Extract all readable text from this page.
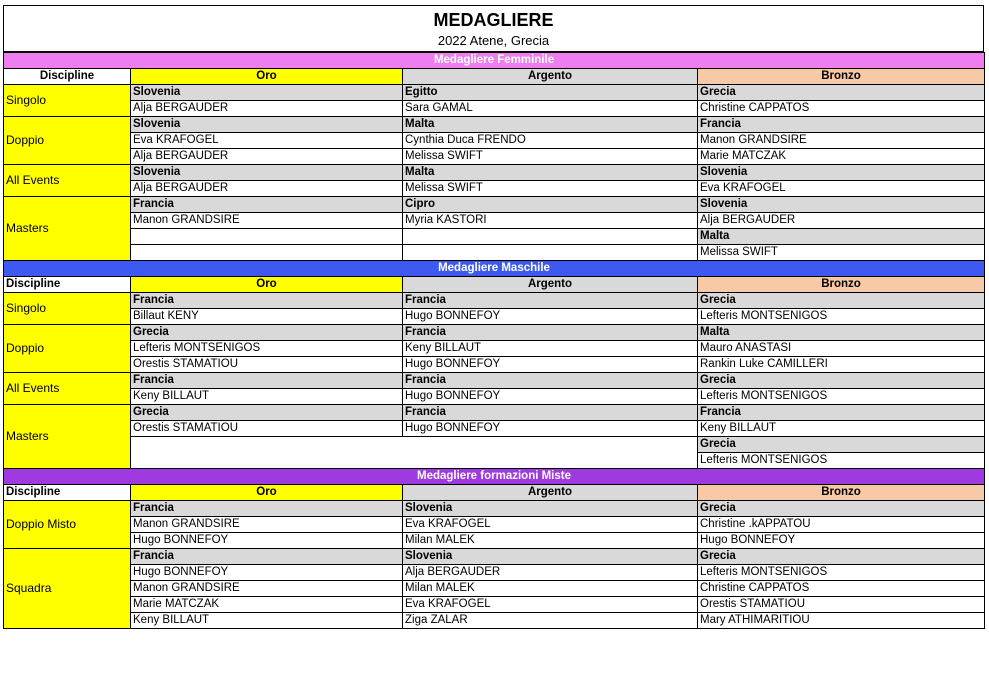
MEDAGLIERE
2022 Atene, Grecia
Medagliere Femminile			
Discipline	Oro	Argento	Bronzo
Singolo	Slovenia	Egitto	Grecia
	Alja BERGAUDER	Sara GAMAL	Christine CAPPATOS
Doppio	Slovenia	Malta	Francia
	Eva KRAFOGEL	Cynthia Duca FRENDO	Manon GRANDSIRE
	Alja BERGAUDER	Melissa SWIFT	Marie MATCZAK
All Events	Slovenia	Malta	Slovenia
	Alja BERGAUDER	Melissa SWIFT	Eva KRAFOGEL
Masters	Francia	Cipro	Slovenia
	Manon GRANDSIRE	Myria KASTORI	Alja BERGAUDER
			Malta
			Melissa SWIFT
Medagliere Maschile			
Discipline	Oro	Argento	Bronzo
Singolo	Francia	Francia	Grecia
	Billaut KENY	Hugo BONNEFOY	Lefteris MONTSENIGOS
Doppio	Grecia	Francia	Malta
	Lefteris MONTSENIGOS	Keny BILLAUT	Mauro ANASTASI
	Orestis STAMATIOU	Hugo BONNEFOY	Rankin Luke CAMILLERI
All Events	Francia	Francia	Grecia
	Keny BILLAUT	Hugo BONNEFOY	Lefteris MONTSENIGOS
Masters	Grecia	Francia	Francia
	Orestis STAMATIOU	Hugo BONNEFOY	Keny BILLAUT
			Grecia
			Lefteris MONTSENIGOS
Medagliere formazioni Miste			
Discipline	Oro	Argento	Bronzo
Doppio Misto	Francia	Slovenia	Grecia
	Manon GRANDSIRE	Eva KRAFOGEL	Christine .kAPPATOU
	Hugo BONNEFOY	Milan MALEK	Hugo BONNEFOY
Squadra	Francia	Slovenia	Grecia
	Hugo BONNEFOY	Alja BERGAUDER	Lefteris MONTSENIGOS
	Manon GRANDSIRE	Milan MALEK	Christine CAPPATOS
	Marie MATCZAK	Eva KRAFOGEL	Orestis STAMATIOU
	Keny BILLAUT	Ziga ZALAR	Mary ATHIMARITIOU
